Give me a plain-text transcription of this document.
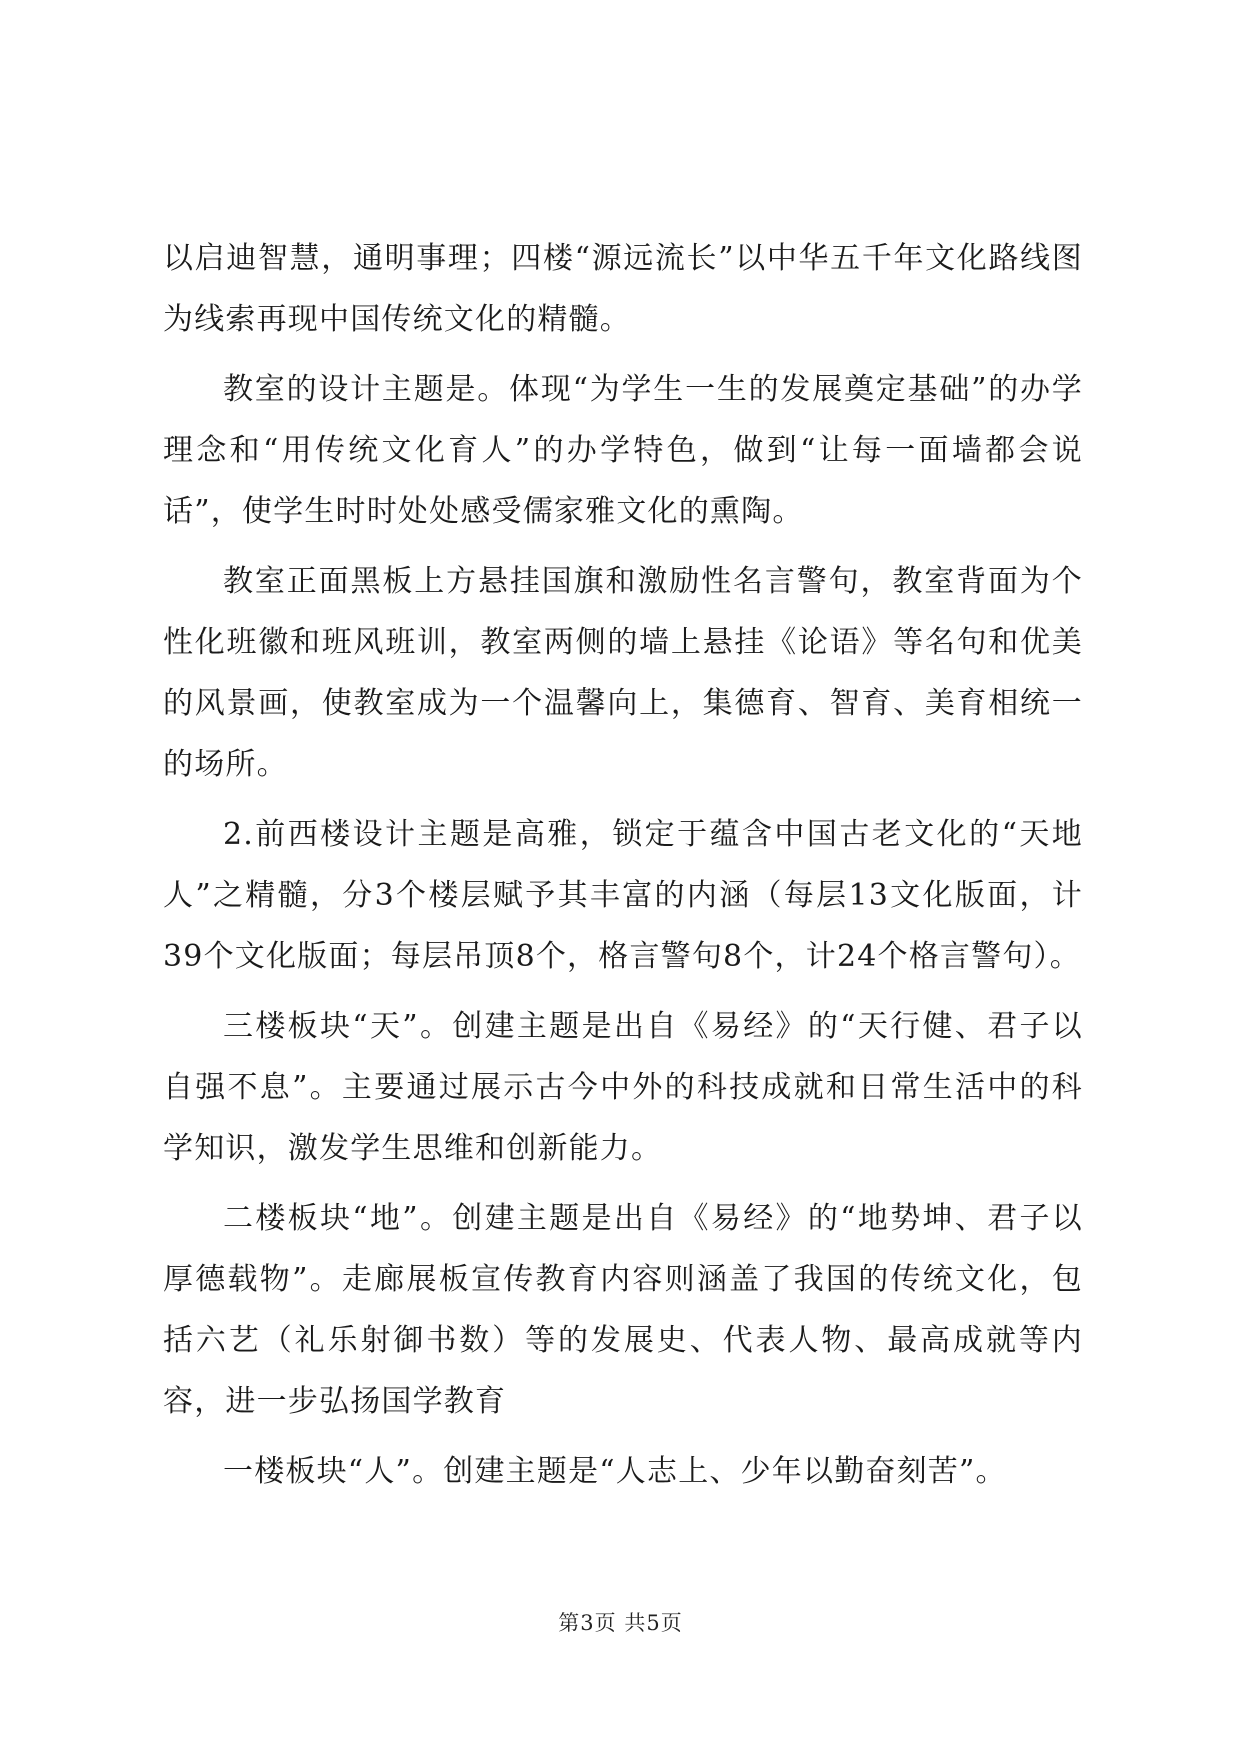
以启迪智慧，通明事理；四楼“源远流长”以中华五千年文化路线图为线索再现中国传统文化的精髓。

教室的设计主题是。体现“为学生一生的发展奠定基础”的办学理念和“用传统文化育人”的办学特色，做到“让每一面墙都会说话”，使学生时时处处感受儒家雅文化的熏陶。

教室正面黑板上方悬挂国旗和激励性名言警句，教室背面为个性化班徽和班风班训，教室两侧的墙上悬挂《论语》等名句和优美的风景画，使教室成为一个温馨向上，集德育、智育、美育相统一的场所。

2.前西楼设计主题是高雅，锁定于蕴含中国古老文化的“天地人”之精髓，分3个楼层赋予其丰富的内涵（每层13文化版面，计39个文化版面；每层吊顶8个，格言警句8个，计24个格言警句）。

三楼板块“天”。创建主题是出自《易经》的“天行健、君子以自强不息”。主要通过展示古今中外的科技成就和日常生活中的科学知识，激发学生思维和创新能力。

二楼板块“地”。创建主题是出自《易经》的“地势坤、君子以厚德载物”。走廊展板宣传教育内容则涵盖了我国的传统文化，包括六艺（礼乐射御书数）等的发展史、代表人物、最高成就等内容，进一步弘扬国学教育

一楼板块“人”。创建主题是“人志上、少年以勤奋刻苦”。

第3页 共5页
